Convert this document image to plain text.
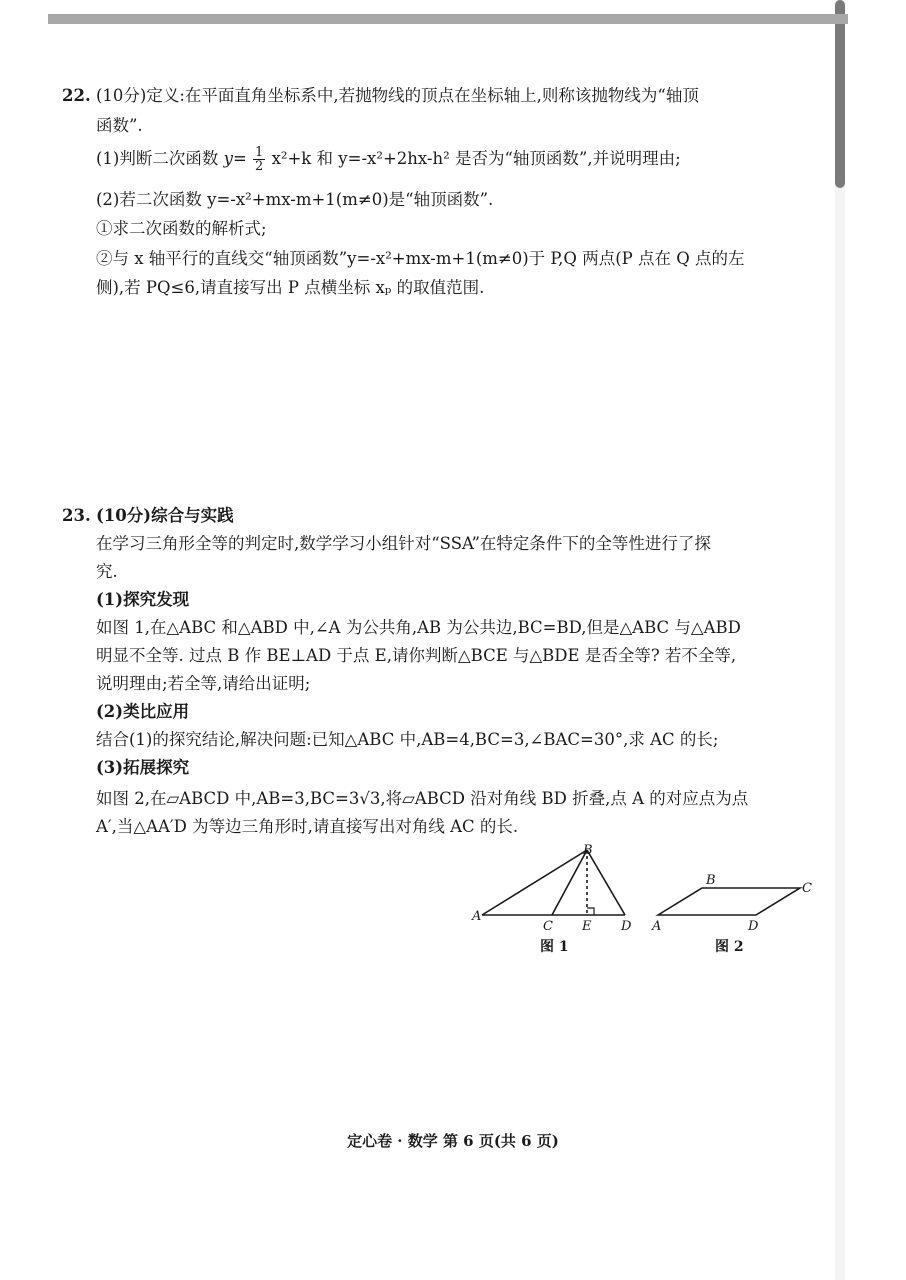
22. (10分)定义:在平面直角坐标系中,若抛物线的顶点在坐标轴上,则称该抛物线为“轴顶
函数”.
(1)判断二次函数 $y= \frac{1}{2} x^2+k$ 和 y=-x²+2hx-h² 是否为“轴顶函数”,并说明理由;
(2)若二次函数 y=-x²+mx-m+1(m≠0)是“轴顶函数”.
①求二次函数的解析式;
②与 x 轴平行的直线交“轴顶函数”y=-x²+mx-m+1(m≠0)于 P,Q 两点(P 点在 Q 点的左
侧),若 PQ≤6,请直接写出 P 点横坐标 xₚ 的取值范围.
23. (10分)综合与实践
在学习三角形全等的判定时,数学学习小组针对“SSA”在特定条件下的全等性进行了探
究.
(1)探究发现
如图 1,在△ABC 和△ABD 中,∠A 为公共角,AB 为公共边,BC=BD,但是△ABC 与△ABD
明显不全等. 过点 B 作 BE⊥AD 于点 E,请你判断△BCE 与△BDE 是否全等? 若不全等,
说明理由;若全等,请给出证明;
(2)类比应用
结合(1)的探究结论,解决问题:已知△ABC 中,AB=4,BC=3,∠BAC=30°,求 AC 的长;
(3)拓展探究
如图 2,在▱ABCD 中,AB=3,BC=3√3,将▱ABCD 沿对角线 BD 折叠,点 A 的对应点为点
A′,当△AA′D 为等边三角形时,请直接写出对角线 AC 的长.
A
B
C E D
图 1
A
B
C
D
图 2
定心卷 · 数学 第 6 页(共 6 页)
